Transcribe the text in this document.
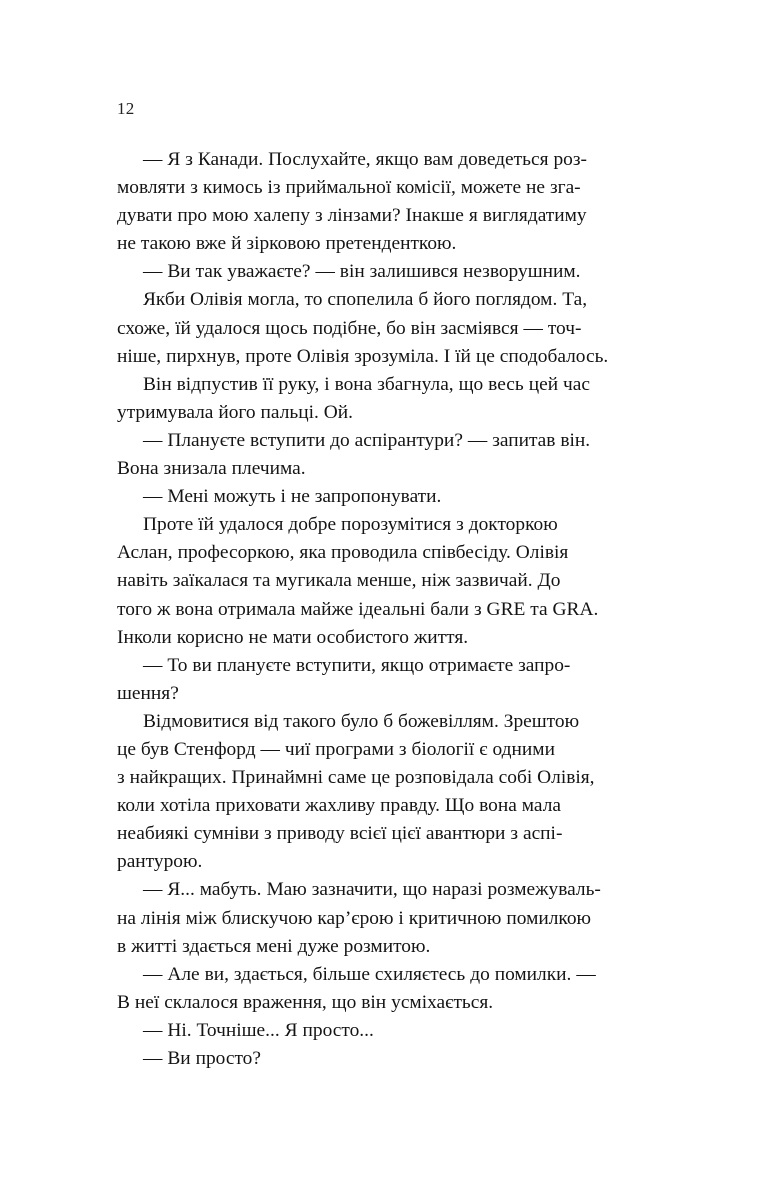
12

— Я з Канади. Послухайте, якщо вам доведеться роз-
мовляти з кимось із приймальної комісії, можете не зга-
дувати про мою халепу з лінзами? Інакше я виглядатиму
не такою вже й зірковою претенденткою.

— Ви так уважаєте? — він залишився незворушним.

Якби Олівія могла, то спопелила б його поглядом. Та,
схоже, їй удалося щось подібне, бо він засміявся — точ-
ніше, пирхнув, проте Олівія зрозуміла. І їй це сподобалось.

Він відпустив її руку, і вона збагнула, що весь цей час
утримувала його пальці. Ой.

— Плануєте вступити до аспірантури? — запитав він.
Вона знизала плечима.

— Мені можуть і не запропонувати.

Проте їй удалося добре порозумітися з докторкою
Аслан, професоркою, яка проводила співбесіду. Олівія
навіть заїкалася та мугикала менше, ніж зазвичай. До
того ж вона отримала майже ідеальні бали з GRE та GRA.
Інколи корисно не мати особистого життя.

— То ви плануєте вступити, якщо отримаєте запро-
шення?

Відмовитися від такого було б божевіллям. Зрештою
це був Стенфорд — чиї програми з біології є одними
з найкращих. Принаймні саме це розповідала собі Олівія,
коли хотіла приховати жахливу правду. Що вона мала
неабиякі сумніви з приводу всієї цієї авантюри з аспі-
рантурою.

— Я... мабуть. Маю зазначити, що наразі розмежуваль-
на лінія між блискучою кар’єрою і критичною помилкою
в житті здається мені дуже розмитою.

— Але ви, здається, більше схиляєтесь до помилки. —
В неї склалося враження, що він усміхається.

— Ні. Точніше... Я просто...

— Ви просто?
